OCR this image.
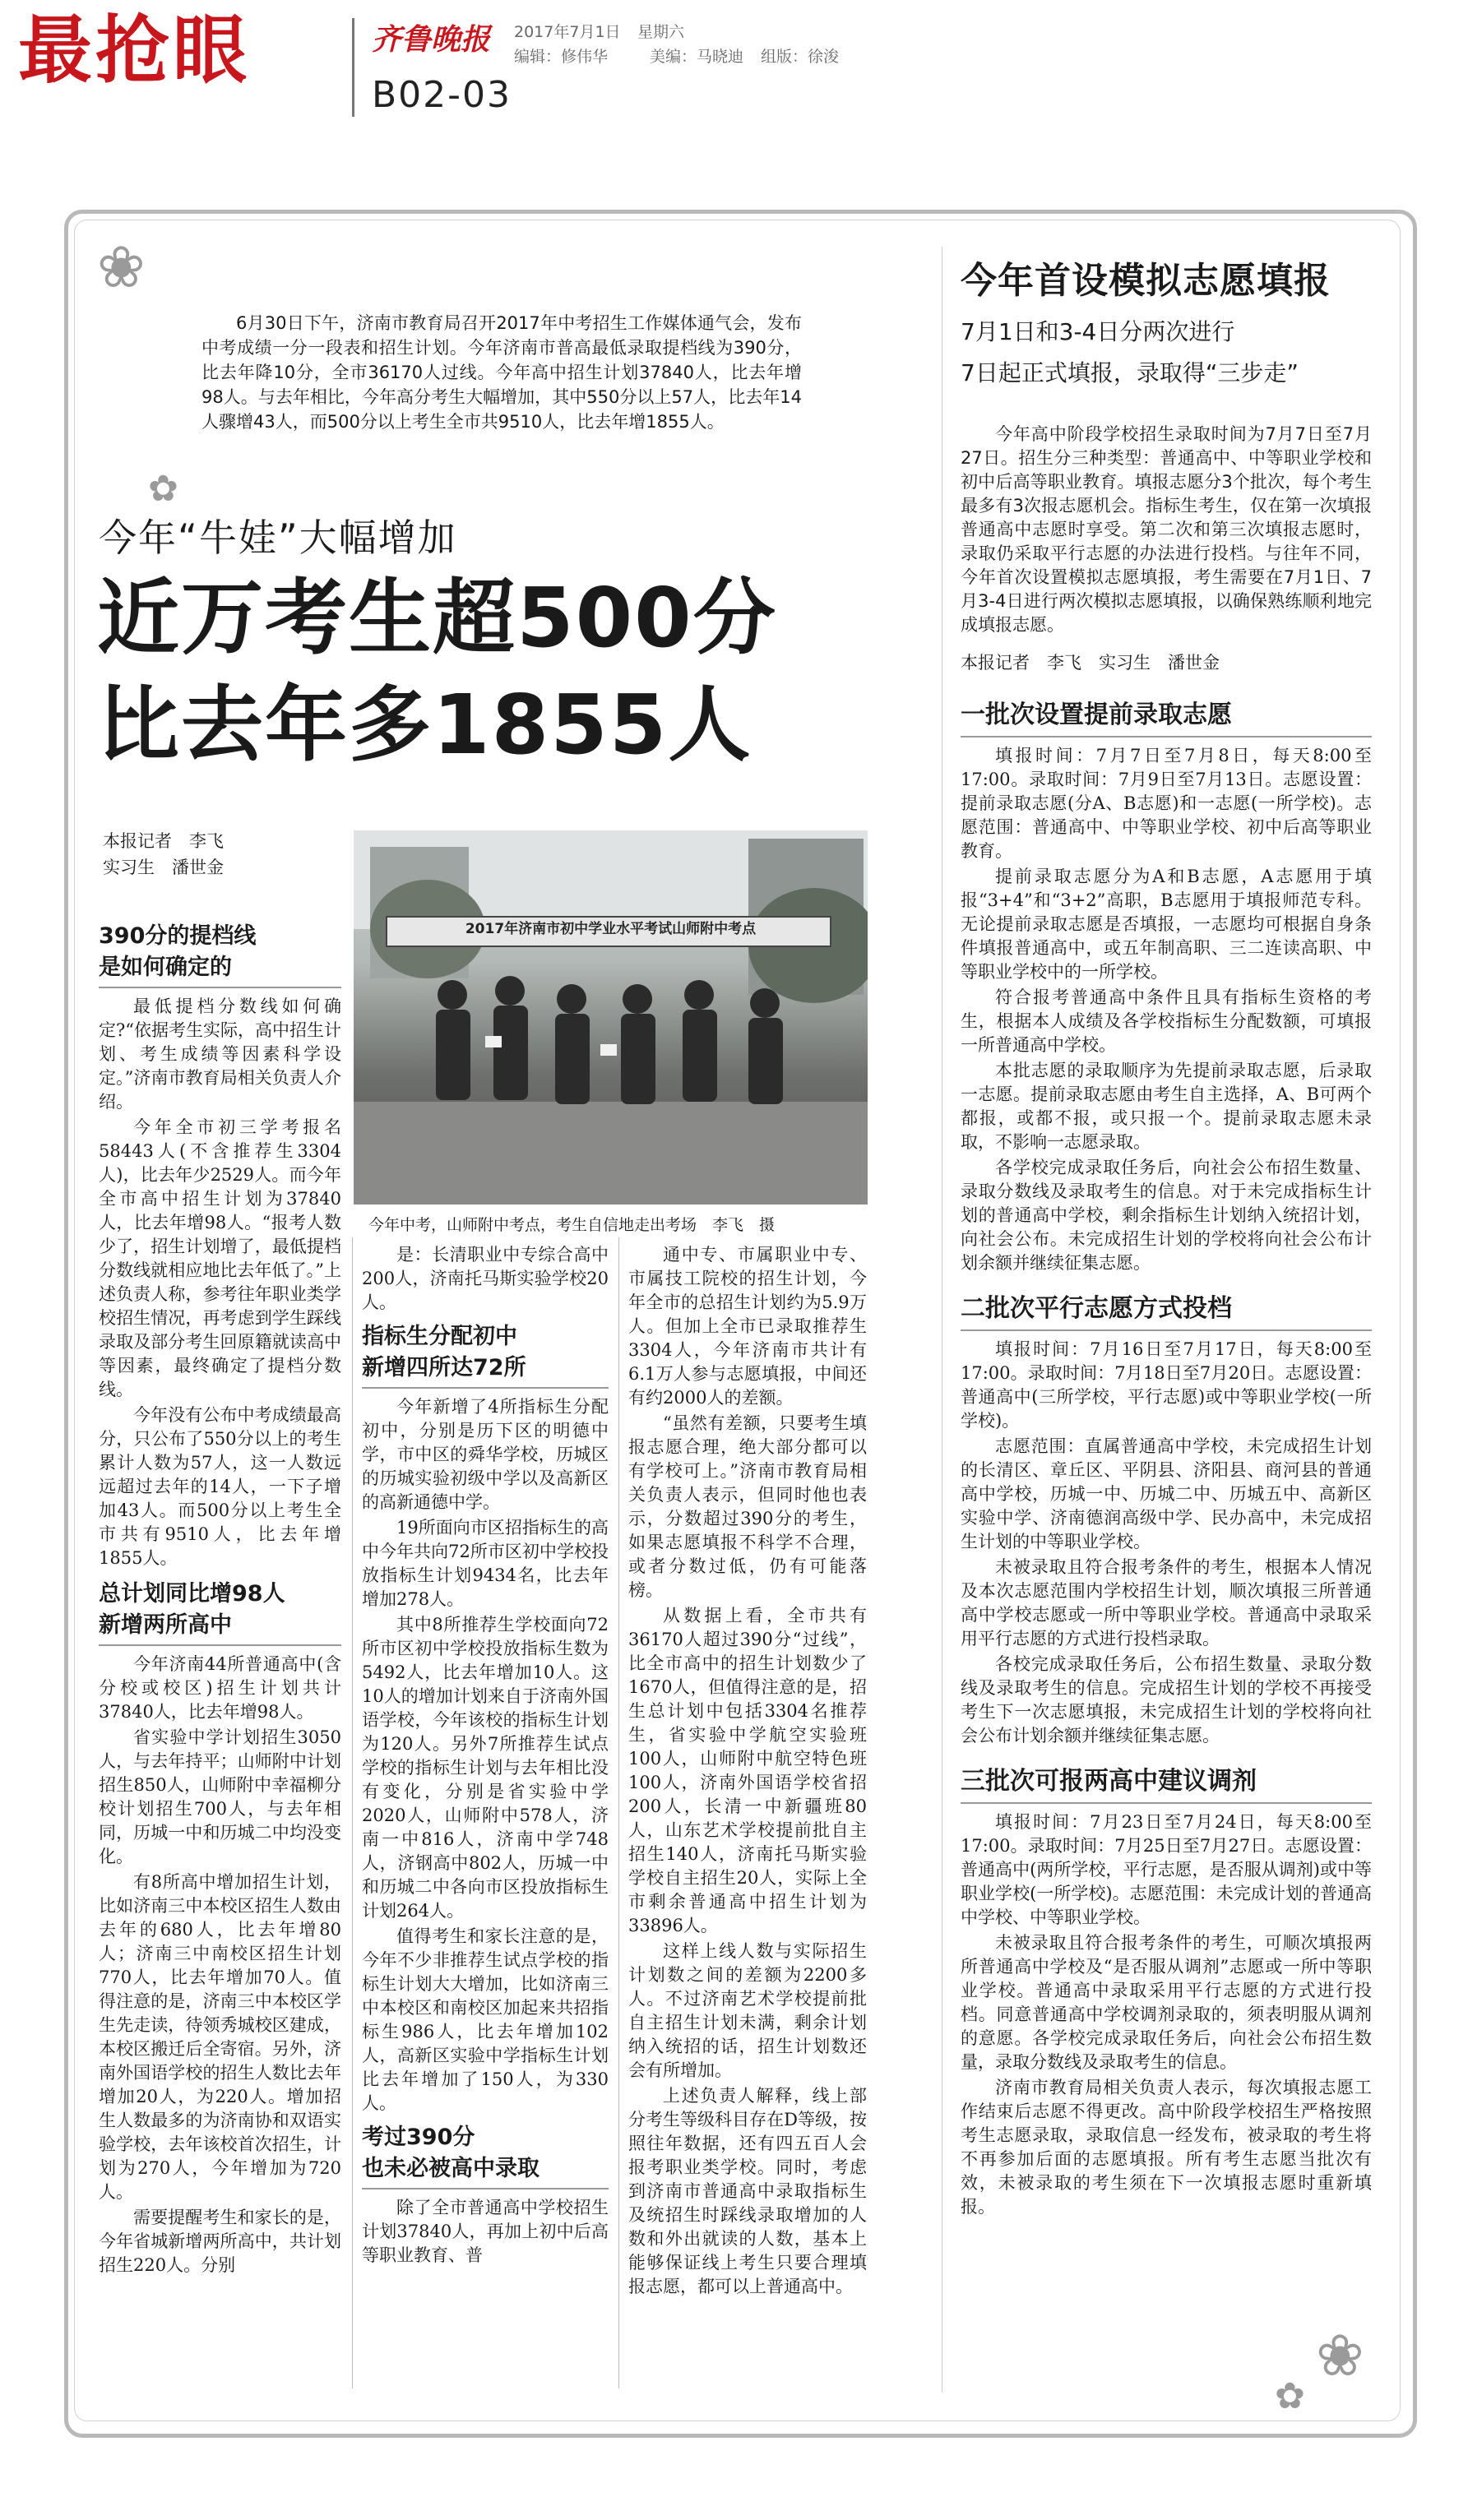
最抢眼	齐鲁晚报
B02-03
2017年7月1日 星期六
编辑：修伟华	美编：马晓迪 组版：徐浚
❀
✿
❀
✿

6月30日下午，济南市教育局召开2017年中考招生工作媒体通气会，发布中考成绩一分一段表和招生计划。今年济南市普高最低录取提档线为390分，比去年降10分，全市36170人过线。今年高中招生计划37840人，比去年增98人。与去年相比，今年高分考生大幅增加，其中550分以上57人，比去年14人骤增43人，而500分以上考生全市共9510人，比去年增1855人。

今年“牛娃”大幅增加
近万考生超500分
比去年多1855人
本报记者　李飞
实习生　潘世金
2017年济南市初中学业水平考试山师附中考点
今年中考，山师附中考点，考生自信地走出考场　李飞　摄
390分的提档线
是如何确定的

最低提档分数线如何确定?“依据考生实际，高中招生计划、考生成绩等因素科学设定。”济南市教育局相关负责人介绍。

今年全市初三学考报名58443人(不含推荐生3304人)，比去年少2529人。而今年全市高中招生计划为37840人，比去年增98人。“报考人数少了，招生计划增了，最低提档分数线就相应地比去年低了。”上述负责人称，参考往年职业类学校招生情况，再考虑到学生踩线录取及部分考生回原籍就读高中等因素，最终确定了提档分数线。

今年没有公布中考成绩最高分，只公布了550分以上的考生累计人数为57人，这一人数远远超过去年的14人，一下子增加43人。而500分以上考生全市共有9510人，比去年增1855人。

总计划同比增98人
新增两所高中

今年济南44所普通高中(含分校或校区)招生计划共计37840人，比去年增98人。

省实验中学计划招生3050人，与去年持平；山师附中计划招生850人，山师附中幸福柳分校计划招生700人，与去年相同，历城一中和历城二中均没变化。

有8所高中增加招生计划，比如济南三中本校区招生人数由去年的680人，比去年增80人；济南三中南校区招生计划770人，比去年增加70人。值得注意的是，济南三中本校区学生先走读，待领秀城校区建成，本校区搬迁后全寄宿。另外，济南外国语学校的招生人数比去年增加20人，为220人。增加招生人数最多的为济南协和双语实验学校，去年该校首次招生，计划为270人，今年增加为720人。

需要提醒考生和家长的是，今年省城新增两所高中，共计划招生220人。分别

是：长清职业中专综合高中200人，济南托马斯实验学校20人。

指标生分配初中
新增四所达72所

今年新增了4所指标生分配初中，分别是历下区的明德中学，市中区的舜华学校，历城区的历城实验初级中学以及高新区的高新通德中学。

19所面向市区招指标生的高中今年共向72所市区初中学校投放指标生计划9434名，比去年增加278人。

其中8所推荐生学校面向72所市区初中学校投放指标生数为5492人，比去年增加10人。这10人的增加计划来自于济南外国语学校，今年该校的指标生计划为120人。另外7所推荐生试点学校的指标生计划与去年相比没有变化，分别是省实验中学2020人，山师附中578人，济南一中816人，济南中学748人，济钢高中802人，历城一中和历城二中各向市区投放指标生计划264人。

值得考生和家长注意的是，今年不少非推荐生试点学校的指标生计划大大增加，比如济南三中本校区和南校区加起来共招指标生986人，比去年增加102人，高新区实验中学指标生计划比去年增加了150人，为330人。

考过390分
也未必被高中录取

除了全市普通高中学校招生计划37840人，再加上初中后高等职业教育、普

通中专、市属职业中专、市属技工院校的招生计划，今年全市的总招生计划约为5.9万人。但加上全市已录取推荐生3304人，今年济南市共计有6.1万人参与志愿填报，中间还有约2000人的差额。

“虽然有差额，只要考生填报志愿合理，绝大部分都可以有学校可上。”济南市教育局相关负责人表示，但同时他也表示，分数超过390分的考生，如果志愿填报不科学不合理，或者分数过低，仍有可能落榜。

从数据上看，全市共有36170人超过390分“过线”，比全市高中的招生计划数少了1670人，但值得注意的是，招生总计划中包括3304名推荐生，省实验中学航空实验班100人，山师附中航空特色班100人，济南外国语学校省招200人，长清一中新疆班80人，山东艺术学校提前批自主招生140人，济南托马斯实验学校自主招生20人，实际上全市剩余普通高中招生计划为33896人。

这样上线人数与实际招生计划数之间的差额为2200多人。不过济南艺术学校提前批自主招生计划未满，剩余计划纳入统招的话，招生计划数还会有所增加。

上述负责人解释，线上部分考生等级科目存在D等级，按照往年数据，还有四五百人会报考职业类学校。同时，考虑到济南市普通高中录取指标生及统招生时踩线录取增加的人数和外出就读的人数，基本上能够保证线上考生只要合理填报志愿，都可以上普通高中。

今年首设模拟志愿填报
7月1日和3-4日分两次进行
7日起正式填报，录取得“三步走”

今年高中阶段学校招生录取时间为7月7日至7月27日。招生分三种类型：普通高中、中等职业学校和初中后高等职业教育。填报志愿分3个批次，每个考生最多有3次报志愿机会。指标生考生，仅在第一次填报普通高中志愿时享受。第二次和第三次填报志愿时，录取仍采取平行志愿的办法进行投档。与往年不同，今年首次设置模拟志愿填报，考生需要在7月1日、7月3-4日进行两次模拟志愿填报，以确保熟练顺利地完成填报志愿。

本报记者　李飞　实习生　潘世金
一批次设置提前录取志愿

填报时间：7月7日至7月8日，每天8:00至17:00。录取时间：7月9日至7月13日。志愿设置：提前录取志愿(分A、B志愿)和一志愿(一所学校)。志愿范围：普通高中、中等职业学校、初中后高等职业教育。

提前录取志愿分为A和B志愿，A志愿用于填报“3+4”和“3+2”高职，B志愿用于填报师范专科。无论提前录取志愿是否填报，一志愿均可根据自身条件填报普通高中，或五年制高职、三二连读高职、中等职业学校中的一所学校。

符合报考普通高中条件且具有指标生资格的考生，根据本人成绩及各学校指标生分配数额，可填报一所普通高中学校。

本批志愿的录取顺序为先提前录取志愿，后录取一志愿。提前录取志愿由考生自主选择，A、B可两个都报，或都不报，或只报一个。提前录取志愿未录取，不影响一志愿录取。

各学校完成录取任务后，向社会公布招生数量、录取分数线及录取考生的信息。对于未完成指标生计划的普通高中学校，剩余指标生计划纳入统招计划，向社会公布。未完成招生计划的学校将向社会公布计划余额并继续征集志愿。

二批次平行志愿方式投档

填报时间：7月16日至7月17日，每天8:00至17:00。录取时间：7月18日至7月20日。志愿设置：普通高中(三所学校，平行志愿)或中等职业学校(一所学校)。

志愿范围：直属普通高中学校，未完成招生计划的长清区、章丘区、平阴县、济阳县、商河县的普通高中学校，历城一中、历城二中、历城五中、高新区实验中学、济南德润高级中学、民办高中，未完成招生计划的中等职业学校。

未被录取且符合报考条件的考生，根据本人情况及本次志愿范围内学校招生计划，顺次填报三所普通高中学校志愿或一所中等职业学校。普通高中录取采用平行志愿的方式进行投档录取。

各校完成录取任务后，公布招生数量、录取分数线及录取考生的信息。完成招生计划的学校不再接受考生下一次志愿填报，未完成招生计划的学校将向社会公布计划余额并继续征集志愿。

三批次可报两高中建议调剂

填报时间：7月23日至7月24日，每天8:00至17:00。录取时间：7月25日至7月27日。志愿设置：普通高中(两所学校，平行志愿，是否服从调剂)或中等职业学校(一所学校)。志愿范围：未完成计划的普通高中学校、中等职业学校。

未被录取且符合报考条件的考生，可顺次填报两所普通高中学校及“是否服从调剂”志愿或一所中等职业学校。普通高中录取采用平行志愿的方式进行投档。同意普通高中学校调剂录取的，须表明服从调剂的意愿。各学校完成录取任务后，向社会公布招生数量，录取分数线及录取考生的信息。

济南市教育局相关负责人表示，每次填报志愿工作结束后志愿不得更改。高中阶段学校招生严格按照考生志愿录取，录取信息一经发布，被录取的考生将不再参加后面的志愿填报。所有考生志愿当批次有效，未被录取的考生须在下一次填报志愿时重新填报。
